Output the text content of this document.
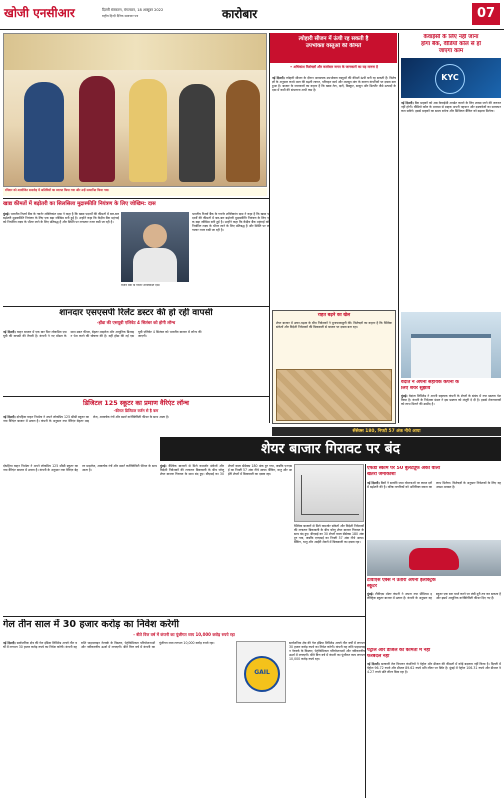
खोजी एनसीआर	दिल्ली संस्करण, मंगलवार, 18 अक्टूबर 2022
राष्ट्रीय हिन्दी दैनिक समाचार पत्र	कारोबार	07
रविवार को आयोजित समारोह में अतिथियों का स्वागत किया गया और उन्हें सम्मानित किया गया।
त्योहारी सीजन में ऊंची रह सकती है
उपभोक्ता वस्तुओं की कीमतें
• अधिकांश विशेषज्ञों और कारोबार जगत के जानकारों का यह मानना है
नई दिल्ली। त्योहारी सीजन के दौरान आवश्यक उपभोक्ता वस्तुओं की कीमतें ऊंची बनी रह सकती हैं। विशेषज्ञों के अनुसार कच्चे माल की बढ़ती लागत, परिवहन खर्च और मजबूत मांग के कारण कंपनियों पर दबाव बना हुआ है। बाजार के जानकारों का कहना है कि खाद्य तेल, दालें, बिस्कुट, साबुन और डिटर्जेंट जैसे उत्पादों के दाम में कमी की संभावना अभी कम है।
केवाईसी के लिए नहीं जाना
होगा बैंक, वीडियो कॉल से हो
जाएगा काम
KYC
नई दिल्ली। बैंक ग्राहकों को अब केवाईसी अपडेट कराने के लिए शाखा जाने की जरूरत नहीं होगी। वीडियो कॉल के माध्यम से ग्राहक अपनी पहचान और दस्तावेजों का सत्यापन करा सकेंगे। इससे ग्राहकों का समय बचेगा और डिजिटल बैंकिंग को बढ़ावा मिलेगा।
खाद्य कीमतों में बढ़ोतरी का सिलसिला मुद्रास्फीति नियंत्रण के लिए जोखिम: दास
मुंबई। भारतीय रिजर्व बैंक के गवर्नर शक्तिकांत दास ने कहा है कि खाद्य पदार्थों की कीमतों में बार-बार बढ़ोतरी मुद्रास्फीति नियंत्रण के लिए एक बड़ा जोखिम बनी हुई है। उन्होंने कहा कि केंद्रीय बैंक महंगाई को निर्धारित लक्ष्य के भीतर लाने के लिए प्रतिबद्ध है और स्थिति पर लगातार नजर रखी जा रही है।
रिज़र्व बैंक के गवर्नर शक्तिकांत दास
भारतीय रिजर्व बैंक के गवर्नर शक्तिकांत दास ने कहा है कि खाद्य पदार्थों की कीमतों में बार-बार बढ़ोतरी मुद्रास्फीति नियंत्रण के लिए एक बड़ा जोखिम बनी हुई है। उन्होंने कहा कि केंद्रीय बैंक महंगाई को निर्धारित लक्ष्य के भीतर लाने के लिए प्रतिबद्ध है और स्थिति पर लगातार नजर रखी जा रही है।
शानदार एसएसपी रिलेंट डस्टर की हो रही वापसी
-होंडा की एसयूवी एलिवेट 4 सितंबर को होगी लॉन्च
नई दिल्ली। वाहन बाजार में एक बार फिर लोकप्रिय एसयूवी की वापसी की तैयारी है। कंपनी ने नए मॉडल के साथ उन्नत फीचर, बेहतर माइलेज और आधुनिक डिजाइन पेश करने की घोषणा की है। वहीं होंडा की नई एसयूवी एलिवेट 4 सितंबर को भारतीय बाजार में लॉन्च की जाएगी।
डिजिटल 125 स्कूटर का प्रमाण वैरिएंट लॉन्च
-कीमत डिजिटल वर्जन से है कम
नई दिल्ली। दोपहिया वाहन निर्माता ने अपने लोकप्रिय 125 सीसी स्कूटर का नया वैरिएंट बाजार में उतारा है। कंपनी के अनुसार नया वैरिएंट बेहतर माइलेज, आकर्षक रंगों और स्मार्ट कनेक्टिविटी फीचर के साथ आता है।
राहत बढ़ने का खेल
शेयर बाजार में उतार-चढ़ाव के बीच निवेशकों ने मुनाफावसूली की। विशेषज्ञों का कहना है कि वैश्विक संकेतों और विदेशी निवेशकों की बिकवाली से बाजार पर दबाव बना रहा।
वेदांत ने अपनी सहायक कंपनी के
लिए शेयर सुझाव
मुंबई। वेदांता लिमिटेड ने अपनी सहायक कंपनी के शेयरों के संबंध में नया प्रस्ताव पेश किया है। कंपनी के निदेशक मंडल ने इस प्रस्ताव को मंजूरी दे दी है। इससे शेयरधारकों को लाभ मिलने की उम्मीद है।
सेंसेक्स 180, निफ्टी 57 अंक नीचे आया
शेयर बाजार गिरावट पर बंद
मुंबई। वैश्विक बाजारों से मिले कमजोर संकेतों और विदेशी निवेशकों की लगातार बिकवाली के बीच घरेलू शेयर बाजार गिरावट के साथ बंद हुए। बीएसई का 30 शेयरों वाला सेंसेक्स 180 अंक टूट गया, जबकि एनएसई का निफ्टी 57 अंक नीचे आया। बैंकिंग, धातु और आईटी शेयरों में बिकवाली का दबाव रहा।
वैश्विक बाजारों से मिले कमजोर संकेतों और विदेशी निवेशकों की लगातार बिकवाली के बीच घरेलू शेयर बाजार गिरावट के साथ बंद हुए। बीएसई का 30 शेयरों वाला सेंसेक्स 180 अंक टूट गया, जबकि एनएसई का निफ्टी 57 अंक नीचे आया। बैंकिंग, धातु और आईटी शेयरों में बिकवाली का दबाव रहा।
एफडी स्कीम पर 50 बुलेटप्रूफ अंकों वाला
खतरी जमाकाशी
नई दिल्ली। बैंकों ने सावधि जमा योजनाओं पर ब्याज दरों में बढ़ोतरी की है। वरिष्ठ नागरिकों को अतिरिक्त ब्याज का लाभ मिलेगा। विशेषज्ञों के अनुसार निवेशकों के लिए यह अच्छा अवसर है।
दोपहिया वाहन निर्माता ने अपने लोकप्रिय 125 सीसी स्कूटर का नया वैरिएंट बाजार में उतारा है। कंपनी के अनुसार नया वैरिएंट बेहतर माइलेज, आकर्षक रंगों और स्मार्ट कनेक्टिविटी फीचर के साथ आता है।
गेल तीन साल में 30 हजार करोड़ का निवेश करेगी
- बीते वित्त वर्ष में कंपनी का पूंजीगत व्यय 10,000 करोड़ रुपये रहा
नई दिल्ली। सार्वजनिक क्षेत्र की गेल इंडिया लिमिटेड अगले तीन वर्षों में लगभग 30 हजार करोड़ रुपये का निवेश करेगी। कंपनी यह राशि पाइपलाइन नेटवर्क के विस्तार, पेट्रोकेमिकल परियोजनाओं और नवीकरणीय ऊर्जा में लगाएगी। बीते वित्त वर्ष में कंपनी का पूंजीगत व्यय लगभग 10,000 करोड़ रुपये रहा।
GAIL
सार्वजनिक क्षेत्र की गेल इंडिया लिमिटेड अगले तीन वर्षों में लगभग 30 हजार करोड़ रुपये का निवेश करेगी। कंपनी यह राशि पाइपलाइन नेटवर्क के विस्तार, पेट्रोकेमिकल परियोजनाओं और नवीकरणीय ऊर्जा में लगाएगी। बीते वित्त वर्ष में कंपनी का पूंजीगत व्यय लगभग 10,000 करोड़ रुपये रहा।
टीवीएस एक्स ने उतारा अपना इलेक्ट्रिक
स्कूटर
मुंबई। टीवीएस मोटर कंपनी ने अपना नया प्रीमियम इलेक्ट्रिक स्कूटर बाजार में उतारा है। कंपनी के अनुसार यह स्कूटर एक बार चार्ज करने पर लंबी दूरी तय कर सकता है और इसमें आधुनिक कनेक्टिविटी फीचर दिए गए हैं।
पेट्रोल और डीजल की कीमतों में नहीं
फेरबदल नहीं
नई दिल्ली। सरकारी तेल विपणन कंपनियों ने पेट्रोल और डीजल की कीमतों में कोई बदलाव नहीं किया है। दिल्ली में पेट्रोल 96.72 रुपये और डीजल 89.62 रुपये प्रति लीटर पर स्थिर है। मुंबई में पेट्रोल 106.31 रुपये और डीजल 94.27 रुपये प्रति लीटर बिक रहा है।
